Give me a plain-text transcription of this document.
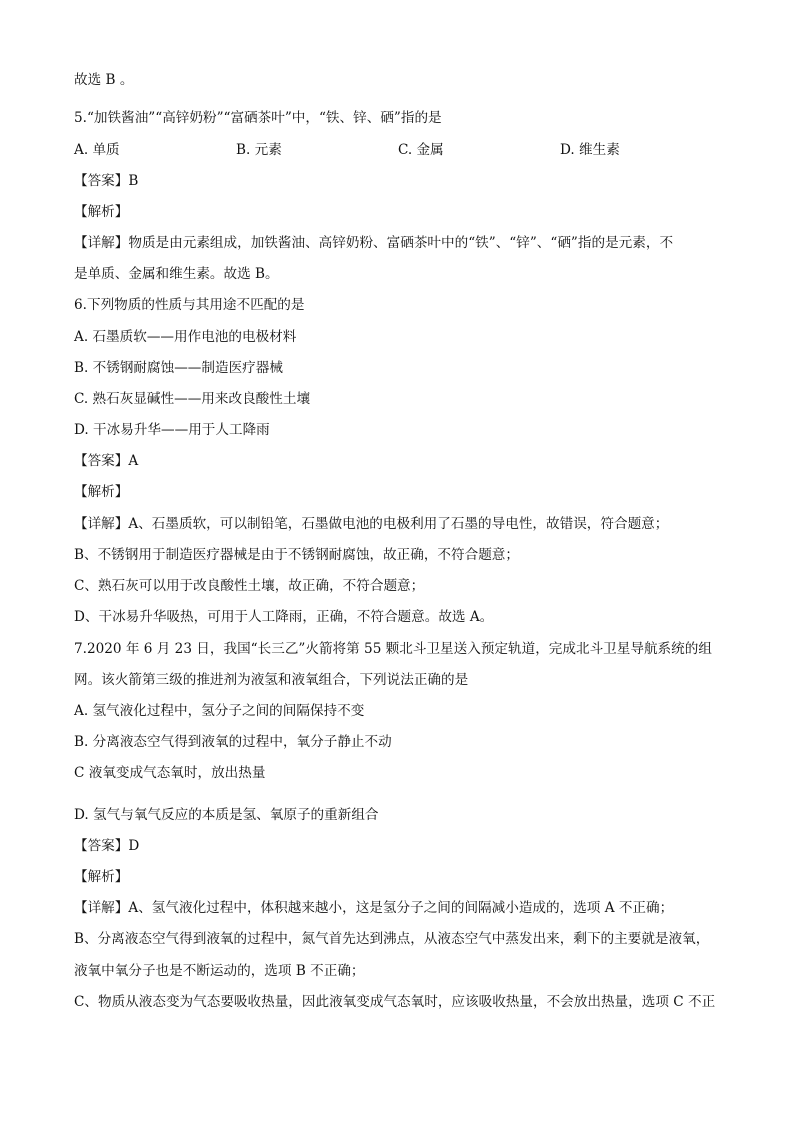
故选 B 。
5.“加铁酱油”“高锌奶粉”“富硒茶叶”中，“铁、锌、硒”指的是
A. 单质	B. 元素	C. 金属	D. 维生素
【答案】B
【解析】
【详解】物质是由元素组成，加铁酱油、高锌奶粉、富硒茶叶中的“铁”、“锌”、“硒”指的是元素，不
是单质、金属和维生素。故选 B。
6.下列物质的性质与其用途不匹配的是
A. 石墨质软——用作电池的电极材料
B. 不锈钢耐腐蚀——制造医疗器械
C. 熟石灰显碱性——用来改良酸性土壤
D. 干冰易升华——用于人工降雨
【答案】A
【解析】
【详解】A、石墨质软，可以制铅笔，石墨做电池的电极利用了石墨的导电性，故错误，符合题意；
B、不锈钢用于制造医疗器械是由于不锈钢耐腐蚀，故正确，不符合题意；
C、熟石灰可以用于改良酸性土壤，故正确，不符合题意；
D、干冰易升华吸热，可用于人工降雨，正确，不符合题意。故选 A。
7.2020 年 6 月 23 日，我国“长三乙”火箭将第 55 颗北斗卫星送入预定轨道，完成北斗卫星导航系统的组
网。该火箭第三级的推进剂为液氢和液氧组合，下列说法正确的是
A. 氢气液化过程中，氢分子之间的间隔保持不变
B. 分离液态空气得到液氧的过程中，氧分子静止不动
C 液氧变成气态氧时，放出热量
D. 氢气与氧气反应的本质是氢、氧原子的重新组合
【答案】D
【解析】
【详解】A、氢气液化过程中，体积越来越小，这是氢分子之间的间隔减小造成的，选项 A 不正确；
B、分离液态空气得到液氧的过程中，氮气首先达到沸点，从液态空气中蒸发出来，剩下的主要就是液氧，
液氧中氧分子也是不断运动的，选项 B 不正确；
C、物质从液态变为气态要吸收热量，因此液氧变成气态氧时，应该吸收热量，不会放出热量，选项 C 不正
